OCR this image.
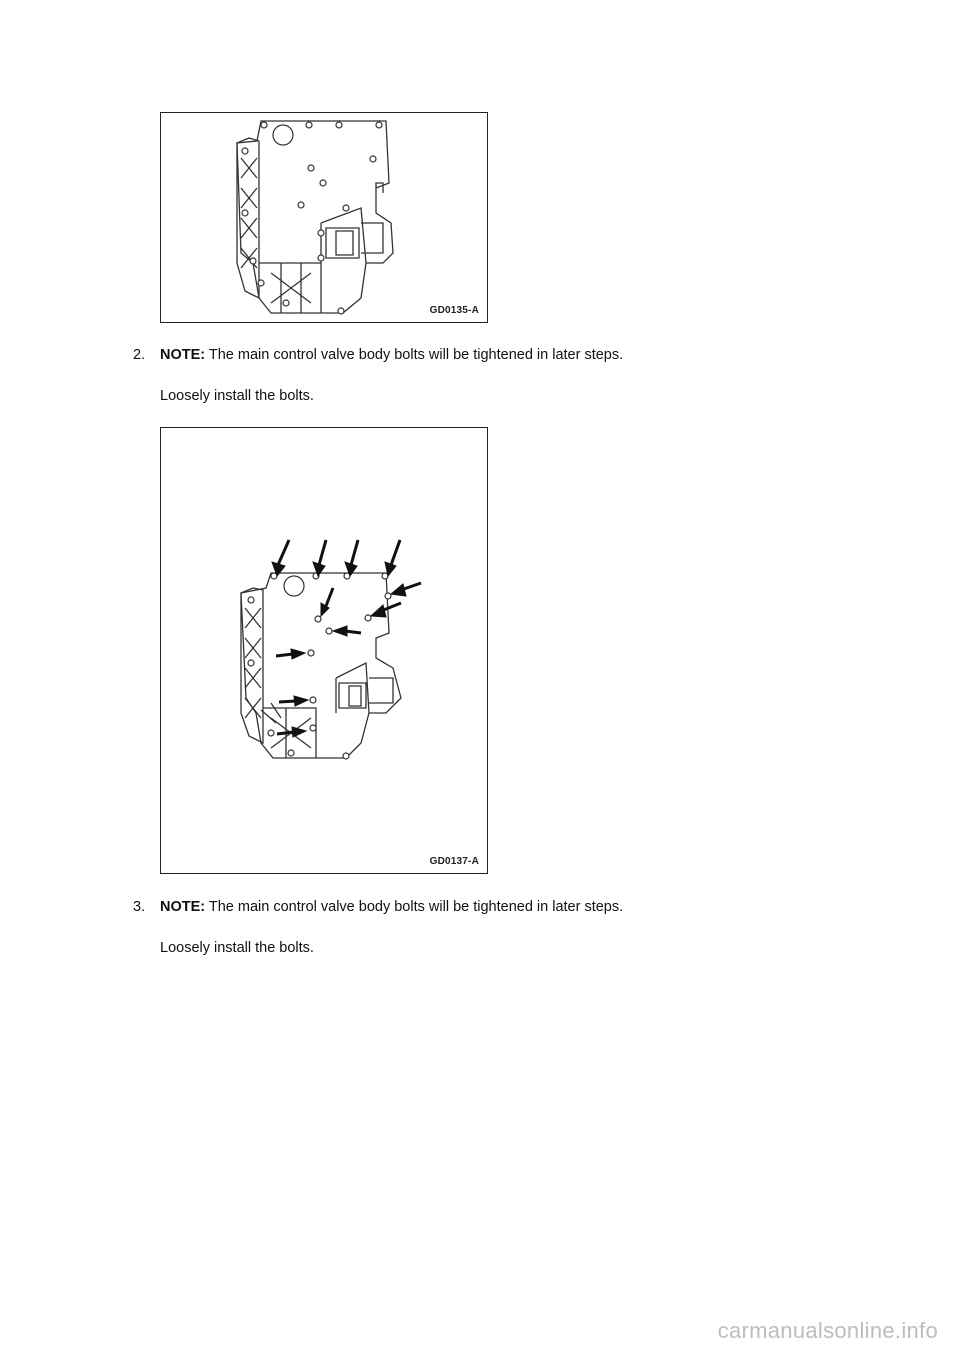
GD0135-A
2. NOTE: The main control valve body bolts will be tightened in later steps.
Loosely install the bolts.
GD0137-A
3. NOTE: The main control valve body bolts will be tightened in later steps.
Loosely install the bolts.
carmanualsonline.info
